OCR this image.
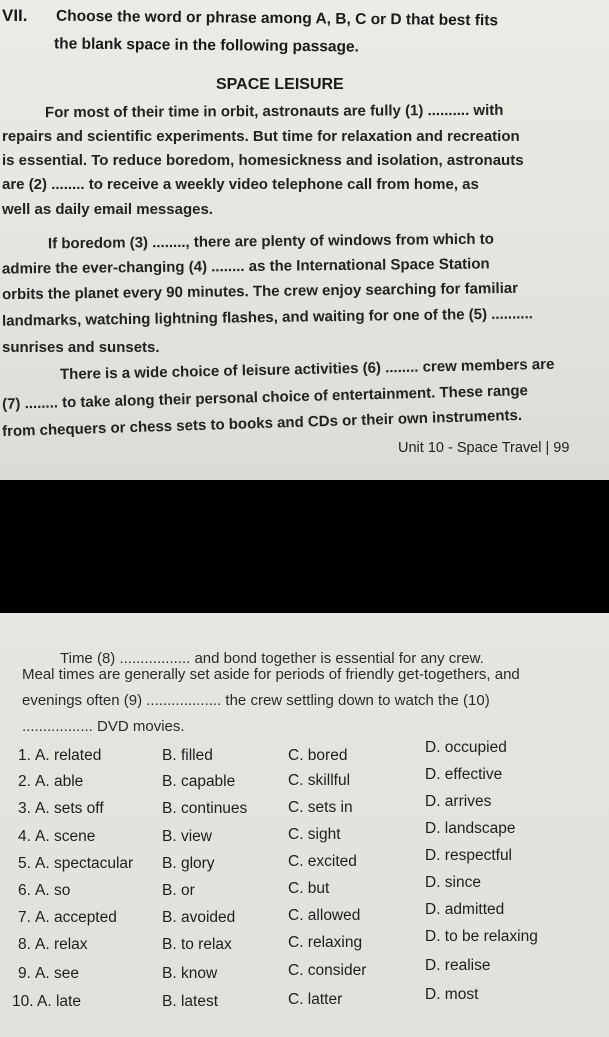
VII. Choose the word or phrase among A, B, C or D that best fits
the blank space in the following passage.
SPACE LEISURE
For most of their time in orbit, astronauts are fully (1) .......... with
repairs and scientific experiments. But time for relaxation and recreation
is essential. To reduce boredom, homesickness and isolation, astronauts
are (2) ........ to receive a weekly video telephone call from home, as
well as daily email messages.
If boredom (3) ........, there are plenty of windows from which to
admire the ever-changing (4) ........ as the International Space Station
orbits the planet every 90 minutes. The crew enjoy searching for familiar
landmarks, watching lightning flashes, and waiting for one of the (5) ..........
sunrises and sunsets.
There is a wide choice of leisure activities (6) ........ crew members are
(7) ........ to take along their personal choice of entertainment. These range
from chequers or chess sets to books and CDs or their own instruments.
Unit 10 - Space Travel | 99
Time (8) ................. and bond together is essential for any crew.
Meal times are generally set aside for periods of friendly get-togethers, and
evenings often (9) .................. the crew settling down to watch the (10)
................. DVD movies.
1. A. related	B. filled	C. bored	D. occupied
2. A. able	B. capable	C. skillful	D. effective
3. A. sets off	B. continues	C. sets in	D. arrives
4. A. scene	B. view	C. sight	D. landscape
5. A. spectacular B. glory	C. excited	D. respectful
6. A. so	B. or	C. but	D. since
7. A. accepted	B. avoided	C. allowed	D. admitted
8. A. relax	B. to relax	C. relaxing	D. to be relaxing
9. A. see	B. know	C. consider	D. realise
10. A. late	B. latest	C. latter	D. most
